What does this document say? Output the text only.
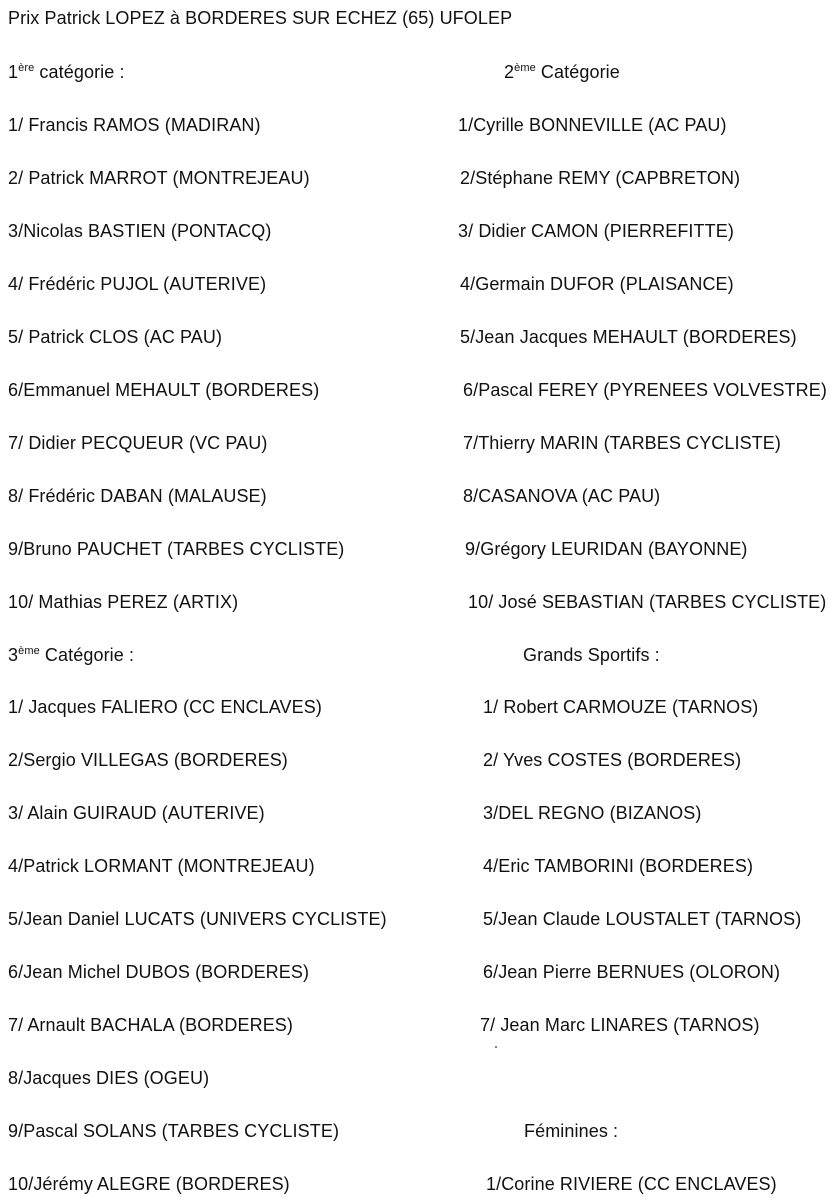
Prix Patrick LOPEZ à BORDERES SUR ECHEZ (65) UFOLEP
1ère catégorie :
1/ Francis RAMOS (MADIRAN)
2/ Patrick MARROT (MONTREJEAU)
3/Nicolas BASTIEN (PONTACQ)
4/ Frédéric PUJOL (AUTERIVE)
5/ Patrick CLOS (AC PAU)
6/Emmanuel MEHAULT (BORDERES)
7/ Didier PECQUEUR (VC PAU)
8/ Frédéric DABAN (MALAUSE)
9/Bruno PAUCHET (TARBES CYCLISTE)
10/ Mathias PEREZ (ARTIX)
2ème Catégorie
1/Cyrille BONNEVILLE (AC PAU)
2/Stéphane REMY (CAPBRETON)
3/ Didier CAMON (PIERREFITTE)
4/Germain DUFOR (PLAISANCE)
5/Jean Jacques MEHAULT (BORDERES)
6/Pascal FEREY (PYRENEES VOLVESTRE)
7/Thierry MARIN (TARBES CYCLISTE)
8/CASANOVA (AC PAU)
9/Grégory LEURIDAN (BAYONNE)
10/ José SEBASTIAN (TARBES CYCLISTE)
3ème Catégorie :
1/ Jacques FALIERO (CC ENCLAVES)
2/Sergio VILLEGAS (BORDERES)
3/ Alain GUIRAUD (AUTERIVE)
4/Patrick LORMANT (MONTREJEAU)
5/Jean Daniel LUCATS (UNIVERS CYCLISTE)
6/Jean Michel DUBOS (BORDERES)
7/ Arnault BACHALA (BORDERES)
8/Jacques DIES (OGEU)
9/Pascal SOLANS (TARBES CYCLISTE)
10/Jérémy ALEGRE (BORDERES)
Grands Sportifs :
1/ Robert CARMOUZE (TARNOS)
2/ Yves COSTES (BORDERES)
3/DEL REGNO (BIZANOS)
4/Eric TAMBORINI (BORDERES)
5/Jean Claude LOUSTALET (TARNOS)
6/Jean Pierre BERNUES (OLORON)
7/ Jean Marc LINARES (TARNOS)
Féminines :
1/Corine RIVIERE (CC ENCLAVES)
